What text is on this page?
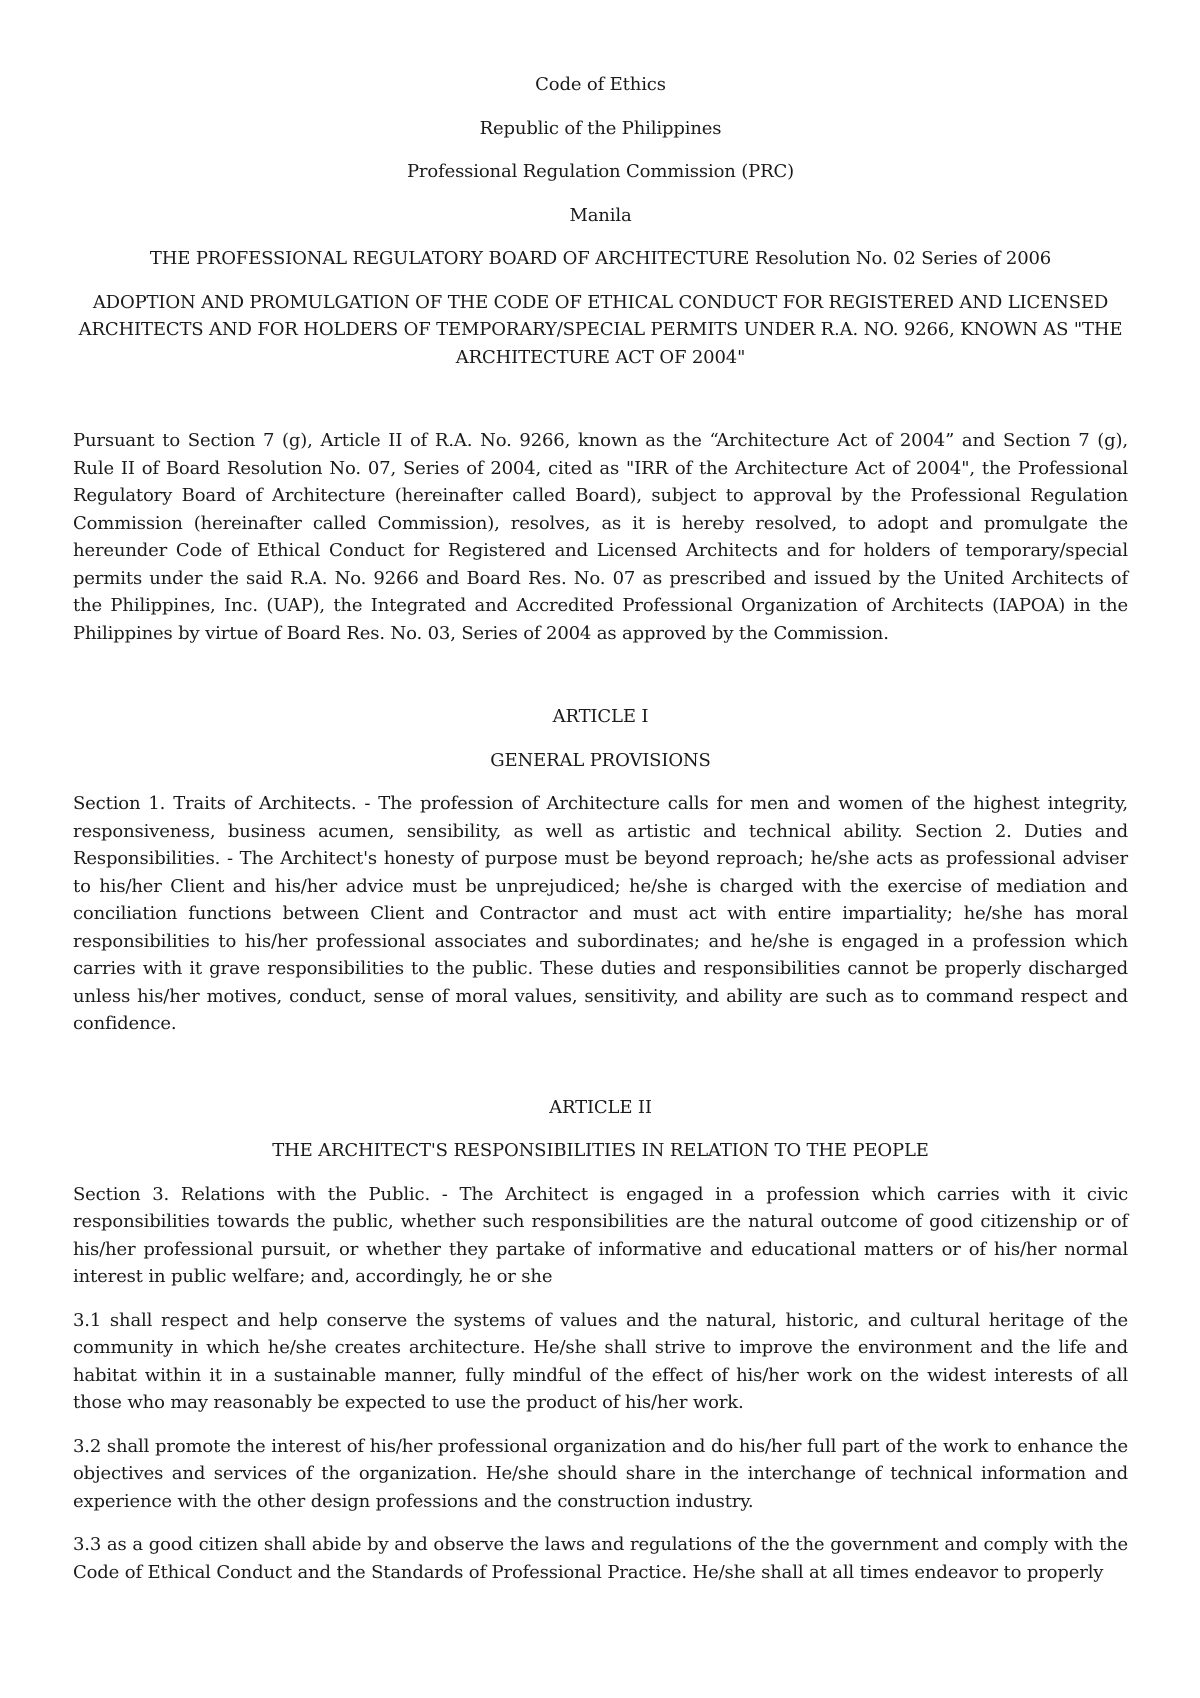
Code of Ethics

Republic of the Philippines

Professional Regulation Commission (PRC)

Manila

THE PROFESSIONAL REGULATORY BOARD OF ARCHITECTURE Resolution No. 02 Series of 2006

ADOPTION AND PROMULGATION OF THE CODE OF ETHICAL CONDUCT FOR REGISTERED AND LICENSED ARCHITECTS AND FOR HOLDERS OF TEMPORARY/SPECIAL PERMITS UNDER R.A. NO. 9266, KNOWN AS "THE ARCHITECTURE ACT OF 2004"

Pursuant to Section 7 (g), Article II of R.A. No. 9266, known as the “Architecture Act of 2004” and Section 7 (g), Rule II of Board Resolution No. 07, Series of 2004, cited as "IRR of the Architecture Act of 2004", the Professional Regulatory Board of Architecture (hereinafter called Board), subject to approval by the Professional Regulation Commission (hereinafter called Commission), resolves, as it is hereby resolved, to adopt and promulgate the hereunder Code of Ethical Conduct for Registered and Licensed Architects and for holders of temporary/special permits under the said R.A. No. 9266 and Board Res. No. 07 as prescribed and issued by the United Architects of the Philippines, Inc. (UAP), the Integrated and Accredited Professional Organization of Architects (IAPOA) in the Philippines by virtue of Board Res. No. 03, Series of 2004 as approved by the Commission.

ARTICLE I

GENERAL PROVISIONS

Section 1. Traits of Architects. - The profession of Architecture calls for men and women of the highest integrity, responsiveness, business acumen, sensibility, as well as artistic and technical ability. Section 2. Duties and Responsibilities. - The Architect's honesty of purpose must be beyond reproach; he/she acts as professional adviser to his/her Client and his/her advice must be unprejudiced; he/she is charged with the exercise of mediation and conciliation functions between Client and Contractor and must act with entire impartiality; he/she has moral responsibilities to his/her professional associates and subordinates; and he/she is engaged in a profession which carries with it grave responsibilities to the public. These duties and responsibilities cannot be properly discharged unless his/her motives, conduct, sense of moral values, sensitivity, and ability are such as to command respect and confidence.

ARTICLE II

THE ARCHITECT'S RESPONSIBILITIES IN RELATION TO THE PEOPLE

Section 3. Relations with the Public. - The Architect is engaged in a profession which carries with it civic responsibilities towards the public, whether such responsibilities are the natural outcome of good citizenship or of his/her professional pursuit, or whether they partake of informative and educational matters or of his/her normal interest in public welfare; and, accordingly, he or she

3.1 shall respect and help conserve the systems of values and the natural, historic, and cultural heritage of the community in which he/she creates architecture. He/she shall strive to improve the environment and the life and habitat within it in a sustainable manner, fully mindful of the effect of his/her work on the widest interests of all those who may reasonably be expected to use the product of his/her work.

3.2 shall promote the interest of his/her professional organization and do his/her full part of the work to enhance the objectives and services of the organization. He/she should share in the interchange of technical information and experience with the other design professions and the construction industry.

3.3 as a good citizen shall abide by and observe the laws and regulations of the the government and comply with the Code of Ethical Conduct and the Standards of Professional Practice. He/she shall at all times endeavor to properly
